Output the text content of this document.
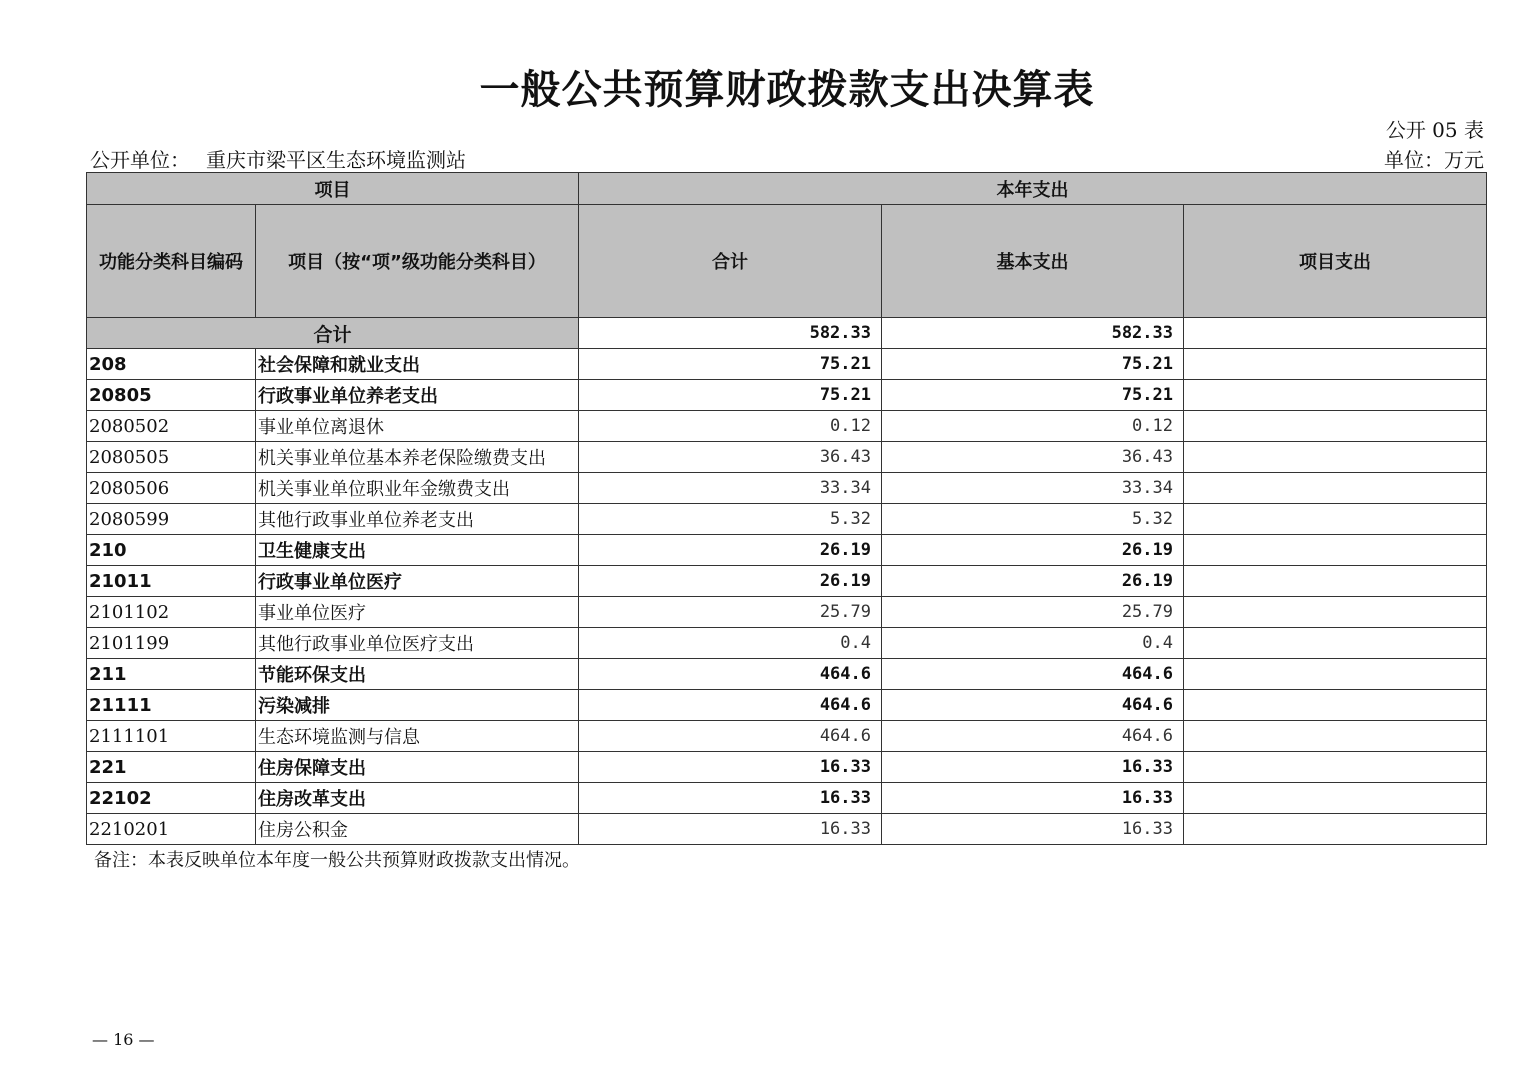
一般公共预算财政拨款支出决算表
公开 05 表
公开单位： 重庆市梁平区生态环境监测站	单位：万元
项目		本年支出		
功能分类科目编码	项目（按“项”级功能分类科目）	合计	基本支出	项目支出
合计		582.33	582.33	
208	社会保障和就业支出	75.21	75.21	
20805	行政事业单位养老支出	75.21	75.21	
2080502	事业单位离退休	0.12	0.12	
2080505	机关事业单位基本养老保险缴费支出	36.43	36.43	
2080506	机关事业单位职业年金缴费支出	33.34	33.34	
2080599	其他行政事业单位养老支出	5.32	5.32	
210	卫生健康支出	26.19	26.19	
21011	行政事业单位医疗	26.19	26.19	
2101102	事业单位医疗	25.79	25.79	
2101199	其他行政事业单位医疗支出	0.4	0.4	
211	节能环保支出	464.6	464.6	
21111	污染减排	464.6	464.6	
2111101	生态环境监测与信息	464.6	464.6	
221	住房保障支出	16.33	16.33	
22102	住房改革支出	16.33	16.33	
2210201	住房公积金	16.33	16.33	
备注：本表反映单位本年度一般公共预算财政拨款支出情况。
— 16 —
